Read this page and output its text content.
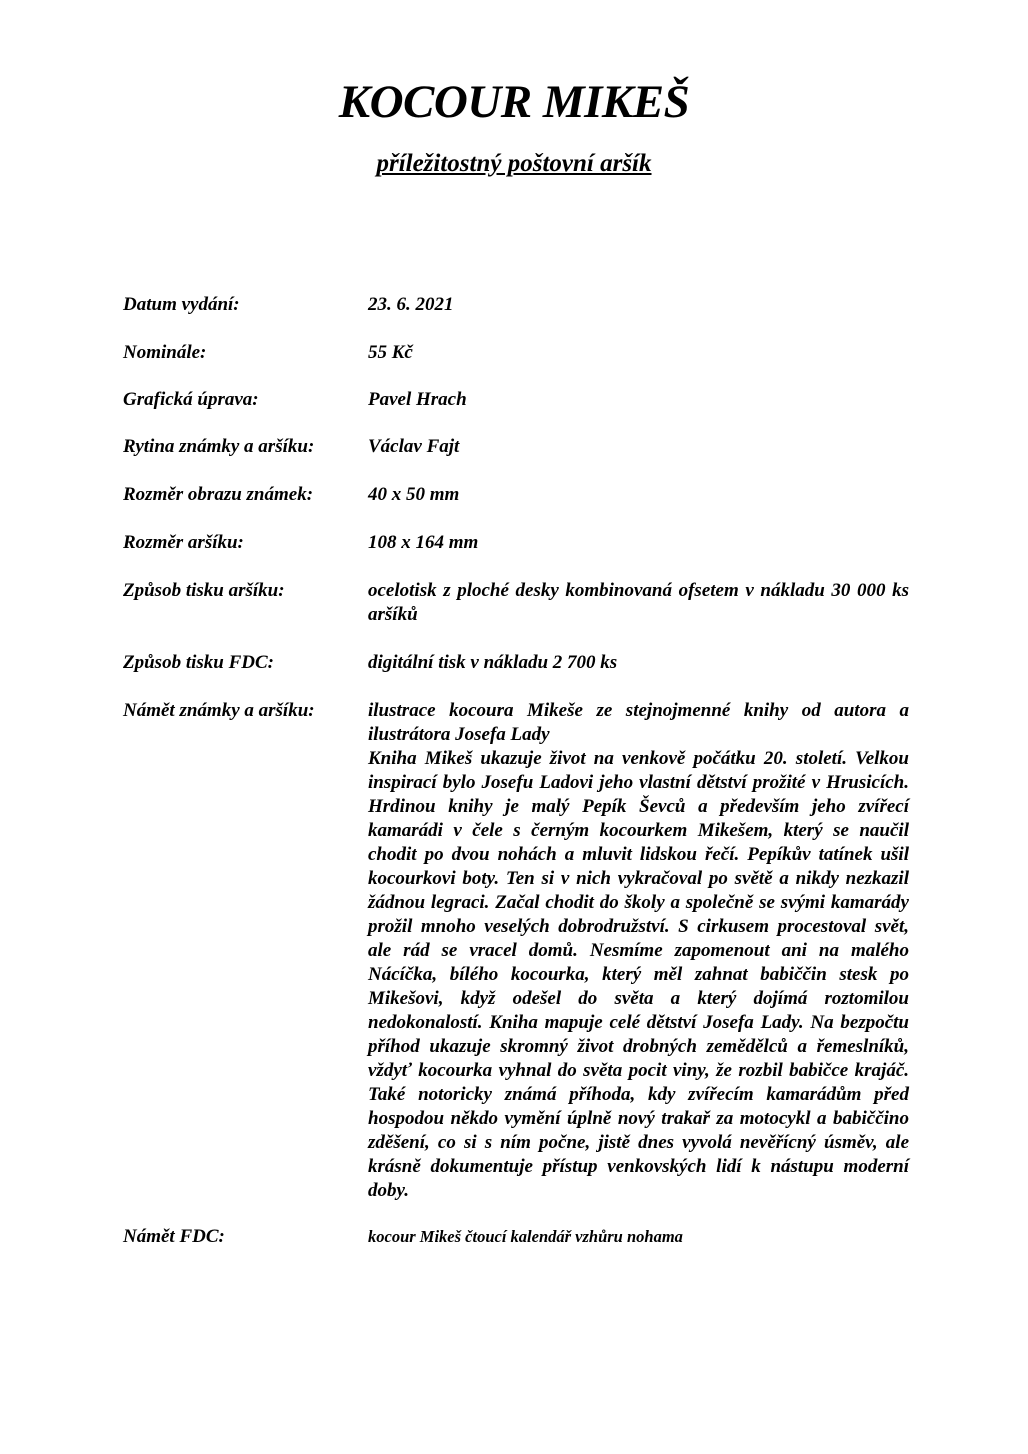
KOCOUR MIKEŠ
příležitostný poštovní aršík
Datum vydání:	23. 6. 2021
Nominále:	55 Kč
Grafická úprava:	Pavel Hrach
Rytina známky a aršíku:	Václav Fajt
Rozměr obrazu známek:	40 x 50 mm
Rozměr aršíku:	108 x 164 mm
Způsob tisku aršíku:	ocelotisk z ploché desky kombinovaná ofsetem v nákladu 30 000 ks aršíků
Způsob tisku FDC:	digitální tisk v nákladu 2 700 ks
Námět známky a aršíku:	ilustrace kocoura Mikeše ze stejnojmenné knihy od autora a ilustrátora Josefa Lady

Kniha Mikeš ukazuje život na venkově počátku 20. století. Velkou inspirací bylo Josefu Ladovi jeho vlastní dětství prožité v Hrusicích. Hrdinou knihy je malý Pepík Ševců a především jeho zvířecí kamarádi v čele s černým kocourkem Mikešem, který se naučil chodit po dvou nohách a mluvit lidskou řečí. Pepíkův tatínek ušil kocourkovi boty. Ten si v nich vykračoval po světě a nikdy nezkazil žádnou legraci. Začal chodit do školy a společně se svými kamarády prožil mnoho veselých dobrodružství. S cirkusem procestoval svět, ale rád se vracel domů. Nesmíme zapomenout ani na malého Nácíčka, bílého kocourka, který měl zahnat babiččin stesk po Mikešovi, když odešel do světa a který dojímá roztomilou nedokonalostí. Kniha mapuje celé dětství Josefa Lady. Na bezpočtu příhod ukazuje skromný život drobných zemědělců a řemeslníků, vždyť kocourka vyhnal do světa pocit viny, že rozbil babičce krajáč. Také notoricky známá příhoda, kdy zvířecím kamarádům před hospodou někdo vymění úplně nový trakař za motocykl a babiččino zděšení, co si s ním počne, jistě dnes vyvolá nevěřícný úsměv, ale krásně dokumentuje přístup venkovských lidí k nástupu moderní doby.

Námět FDC:	kocour Mikeš čtoucí kalendář vzhůru nohama
